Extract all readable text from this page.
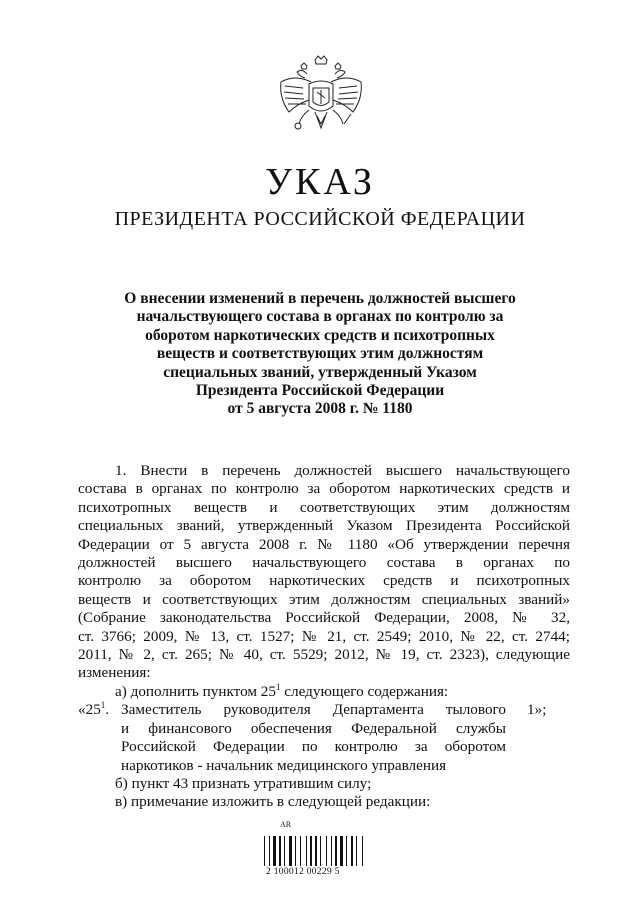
УКАЗ
ПРЕЗИДЕНТА РОССИЙСКОЙ ФЕДЕРАЦИИ
О внесении изменений в перечень должностей высшего
начальствующего состава в органах по контролю за
оборотом наркотических средств и психотропных
веществ и соответствующих этим должностям
специальных званий, утвержденный Указом
Президента Российской Федерации
от 5 августа 2008 г. № 1180
1. Внести в перечень должностей высшего начальствующего
состава в органах по контролю за оборотом наркотических средств и
психотропных веществ и соответствующих этим должностям
специальных званий, утвержденный Указом Президента Российской
Федерации от 5 августа 2008 г. № 1180 «Об утверждении перечня
должностей высшего начальствующего состава в органах по
контролю за оборотом наркотических средств и психотропных
веществ и соответствующих этим должностям специальных званий»
(Собрание законодательства Российской Федерации, 2008, № 32,
ст. 3766; 2009, № 13, ст. 1527; № 21, ст. 2549; 2010, № 22, ст. 2744;
2011, № 2, ст. 265; № 40, ст. 5529; 2012, № 19, ст. 2323), следующие
изменения:
а) дополнить пунктом $25^1$ следующего содержания:
«$25^1$. Заместитель руководителя Департамента тылового
и финансового обеспечения Федеральной службы
Российской Федерации по контролю за оборотом
наркотиков - начальник медицинского управления
1»;
б) пункт 43 признать утратившим силу;
в) примечание изложить в следующей редакции:
AR
2 100012 00229 5
